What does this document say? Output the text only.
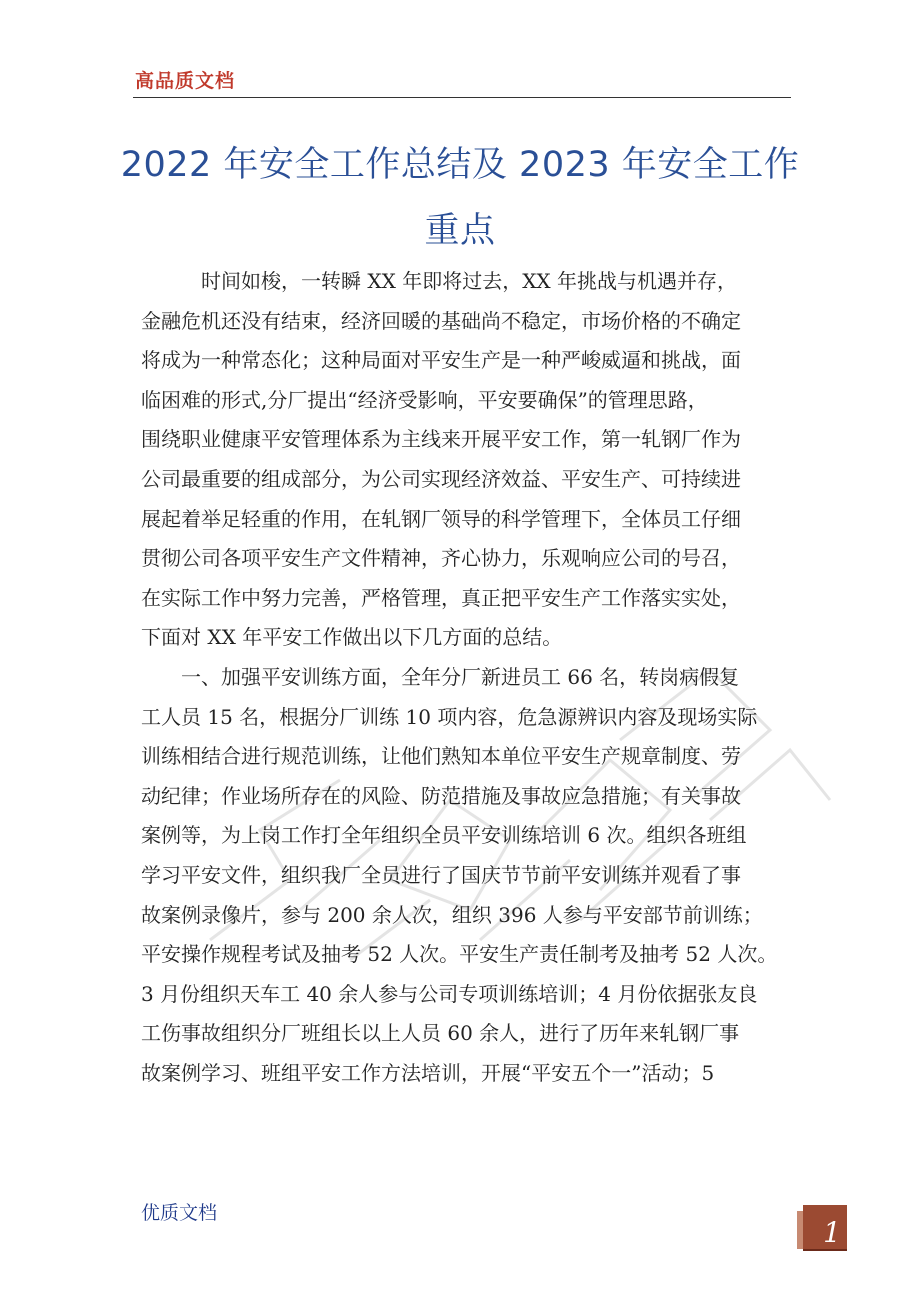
高品质文档
2022 年安全工作总结及 2023 年安全工作
重点
　　　时间如梭，一转瞬 XX 年即将过去，XX 年挑战与机遇并存，
金融危机还没有结束，经济回暖的基础尚不稳定，市场价格的不确定
将成为一种常态化；这种局面对平安生产是一种严峻威逼和挑战，面
临困难的形式,分厂提出“经济受影响，平安要确保”的管理思路，
围绕职业健康平安管理体系为主线来开展平安工作，第一轧钢厂作为
公司最重要的组成部分，为公司实现经济效益、平安生产、可持续进
展起着举足轻重的作用，在轧钢厂领导的科学管理下，全体员工仔细
贯彻公司各项平安生产文件精神，齐心协力，乐观响应公司的号召，
在实际工作中努力完善，严格管理，真正把平安生产工作落实实处，
下面对 XX 年平安工作做出以下几方面的总结。
　　一、加强平安训练方面，全年分厂新进员工 66 名，转岗病假复
工人员 15 名，根据分厂训练 10 项内容，危急源辨识内容及现场实际
训练相结合进行规范训练，让他们熟知本单位平安生产规章制度、劳
动纪律；作业场所存在的风险、防范措施及事故应急措施；有关事故
案例等，为上岗工作打全年组织全员平安训练培训 6 次。组织各班组
学习平安文件，组织我厂全员进行了国庆节节前平安训练并观看了事
故案例录像片，参与 200 余人次，组织 396 人参与平安部节前训练；
平安操作规程考试及抽考 52 人次。平安生产责任制考及抽考 52 人次。
3 月份组织天车工 40 余人参与公司专项训练培训；4 月份依据张友良
工伤事故组织分厂班组长以上人员 60 余人，进行了历年来轧钢厂事
故案例学习、班组平安工作方法培训，开展“平安五个一”活动；5
优质文档
1
